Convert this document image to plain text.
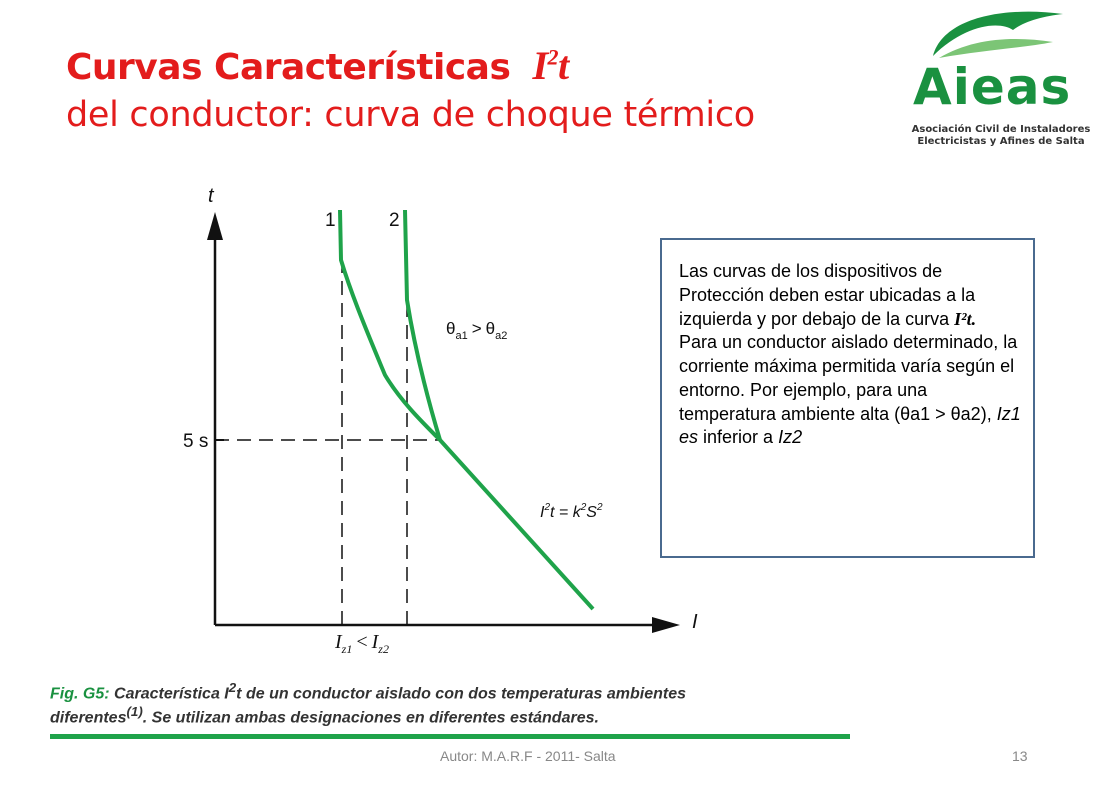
Curvas Características $I^2t$
del conductor: curva de choque térmico	Aieas
Asociación Civil de Instaladores
Electricistas y Afines de Salta
t
I
1	2
5 s
$\theta_{a1} > \theta_{a2}$
$I^2t = k^2S^2$
$I_{z1} < I_{z2}$
Fig. G5: Característica $I^2t$ de un conductor aislado con dos temperaturas ambientes
diferentes$^{(1)}$. Se utilizan ambas designaciones en diferentes estándares.
Las curvas de los dispositivos de Protección deben estar ubicadas a la izquierda y por debajo de la curva I²t.
Para un conductor aislado determinado, la corriente máxima permitida varía según el entorno. Por ejemplo, para una temperatura ambiente alta (θa1 > θa2), Iz1 es inferior a Iz2
Autor: M.A.R.F - 2011- Salta	13
